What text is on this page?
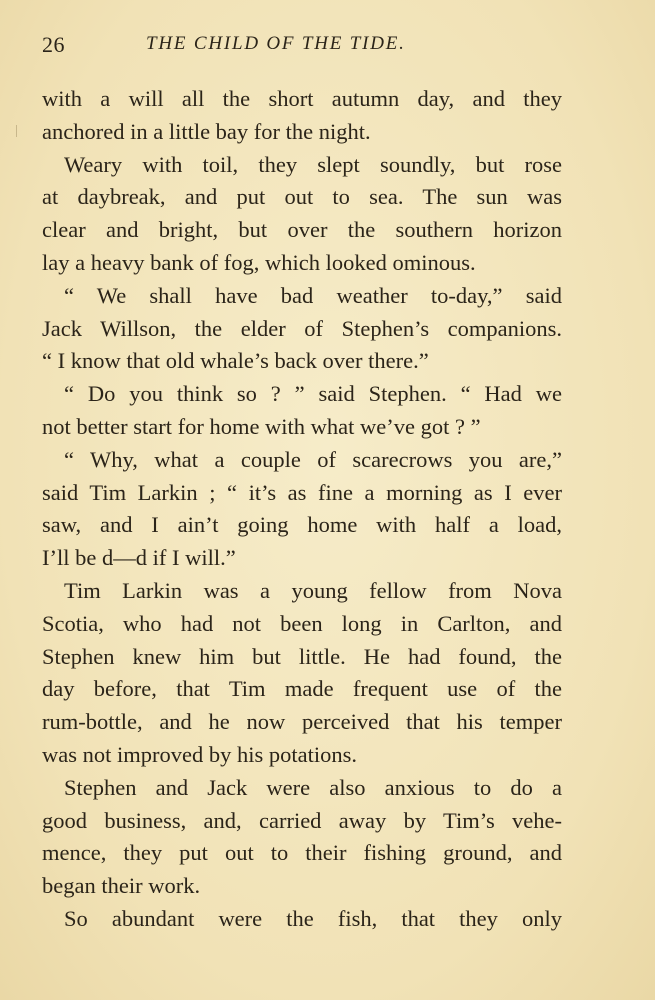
26	THE CHILD OF THE TIDE.
with a will all the short autumn day, and they
anchored in a little bay for the night.
Weary with toil, they slept soundly, but rose
at daybreak, and put out to sea. The sun was
clear and bright, but over the southern horizon
lay a heavy bank of fog, which looked ominous.
“ We shall have bad weather to-day,” said
Jack Willson, the elder of Stephen’s companions.
“ I know that old whale’s back over there.”
“ Do you think so ? ” said Stephen. “ Had we
not better start for home with what we’ve got ? ”
“ Why, what a couple of scarecrows you are,”
said Tim Larkin ; “ it’s as fine a morning as I ever
saw, and I ain’t going home with half a load,
I’ll be d—d if I will.”
Tim Larkin was a young fellow from Nova
Scotia, who had not been long in Carlton, and
Stephen knew him but little. He had found, the
day before, that Tim made frequent use of the
rum-bottle, and he now perceived that his temper
was not improved by his potations.
Stephen and Jack were also anxious to do a
good business, and, carried away by Tim’s vehe-
mence, they put out to their fishing ground, and
began their work.
So abundant were the fish, that they only
